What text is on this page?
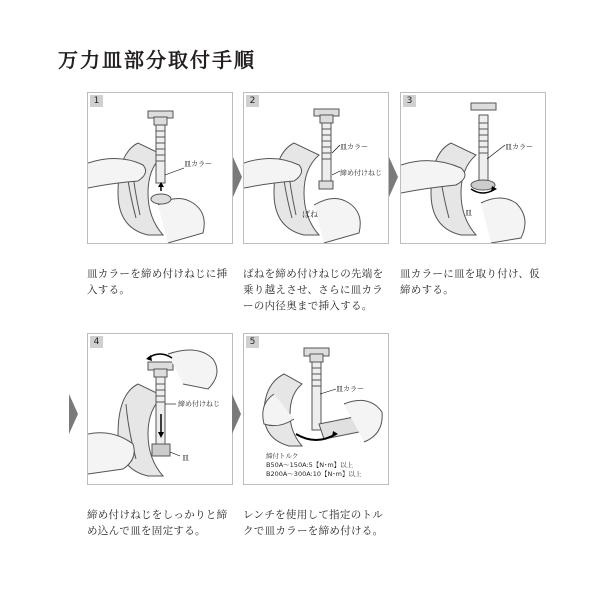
万力皿部分取付手順
1
皿カラー
2
皿カラー
締め付けねじ
ばね
3
皿カラー
皿
4
締め付けねじ
皿
5
皿カラー
締付トルク
B50A～150A:5【N･m】以上
B200A～300A:10【N･m】以上
皿カラーを締め付けねじに挿入する。
ばねを締め付けねじの先端を乗り越えさせ、さらに皿カラーの内径奥まで挿入する。
皿カラーに皿を取り付け、仮締めする。
締め付けねじをしっかりと締め込んで皿を固定する。
レンチを使用して指定のトルクで皿カラーを締め付ける。
